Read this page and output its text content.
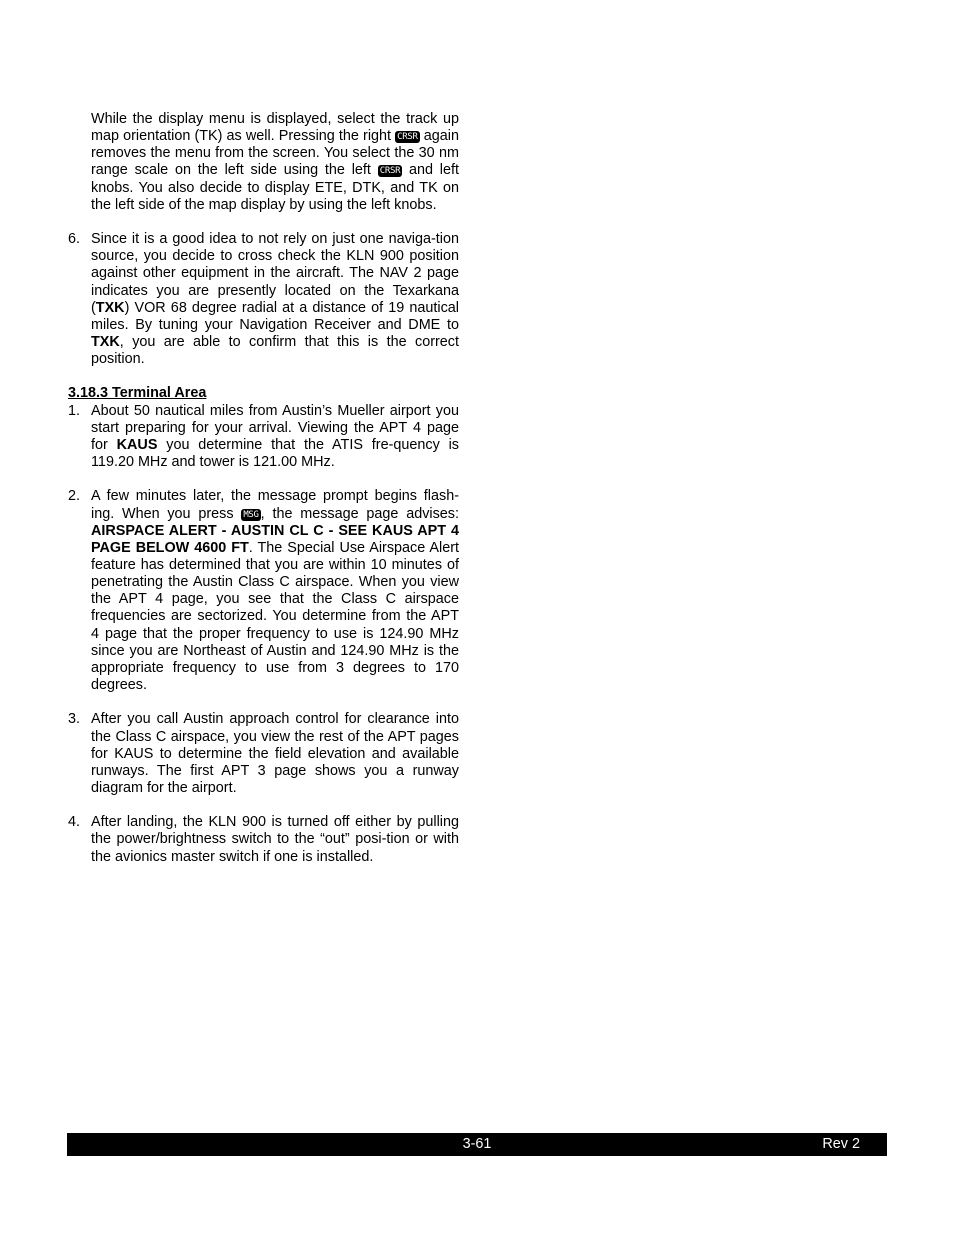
While the display menu is displayed, select the track up map orientation (TK) as well. Pressing the right CRSR again removes the menu from the screen. You select the 30 nm range scale on the left side using the left CRSR and left knobs. You also decide to display ETE, DTK, and TK on the left side of the map display by using the left knobs.

6. Since it is a good idea to not rely on just one naviga-tion source, you decide to cross check the KLN 900 position against other equipment in the aircraft. The NAV 2 page indicates you are presently located on the Texarkana (TXK) VOR 68 degree radial at a distance of 19 nautical miles. By tuning your Navigation Receiver and DME to TXK, you are able to confirm that this is the correct position.
3.18.3 Terminal Area
1. About 50 nautical miles from Austin’s Mueller airport you start preparing for your arrival. Viewing the APT 4 page for KAUS you determine that the ATIS fre-quency is 119.20 MHz and tower is 121.00 MHz.
2. A few minutes later, the message prompt begins flash-ing. When you press MSG , the message page advises: AIRSPACE ALERT - AUSTIN CL C - SEE KAUS APT 4 PAGE BELOW 4600 FT. The Special Use Airspace Alert feature has determined that you are within 10 minutes of penetrating the Austin Class C airspace. When you view the APT 4 page, you see that the Class C airspace frequencies are sectorized. You determine from the APT 4 page that the proper frequency to use is 124.90 MHz since you are Northeast of Austin and 124.90 MHz is the appropriate frequency to use from 3 degrees to 170 degrees.
3. After you call Austin approach control for clearance into the Class C airspace, you view the rest of the APT pages for KAUS to determine the field elevation and available runways. The first APT 3 page shows you a runway diagram for the airport.
4. After landing, the KLN 900 is turned off either by pulling the power/brightness switch to the “out” posi-tion or with the avionics master switch if one is installed.
3-61	Rev 2
